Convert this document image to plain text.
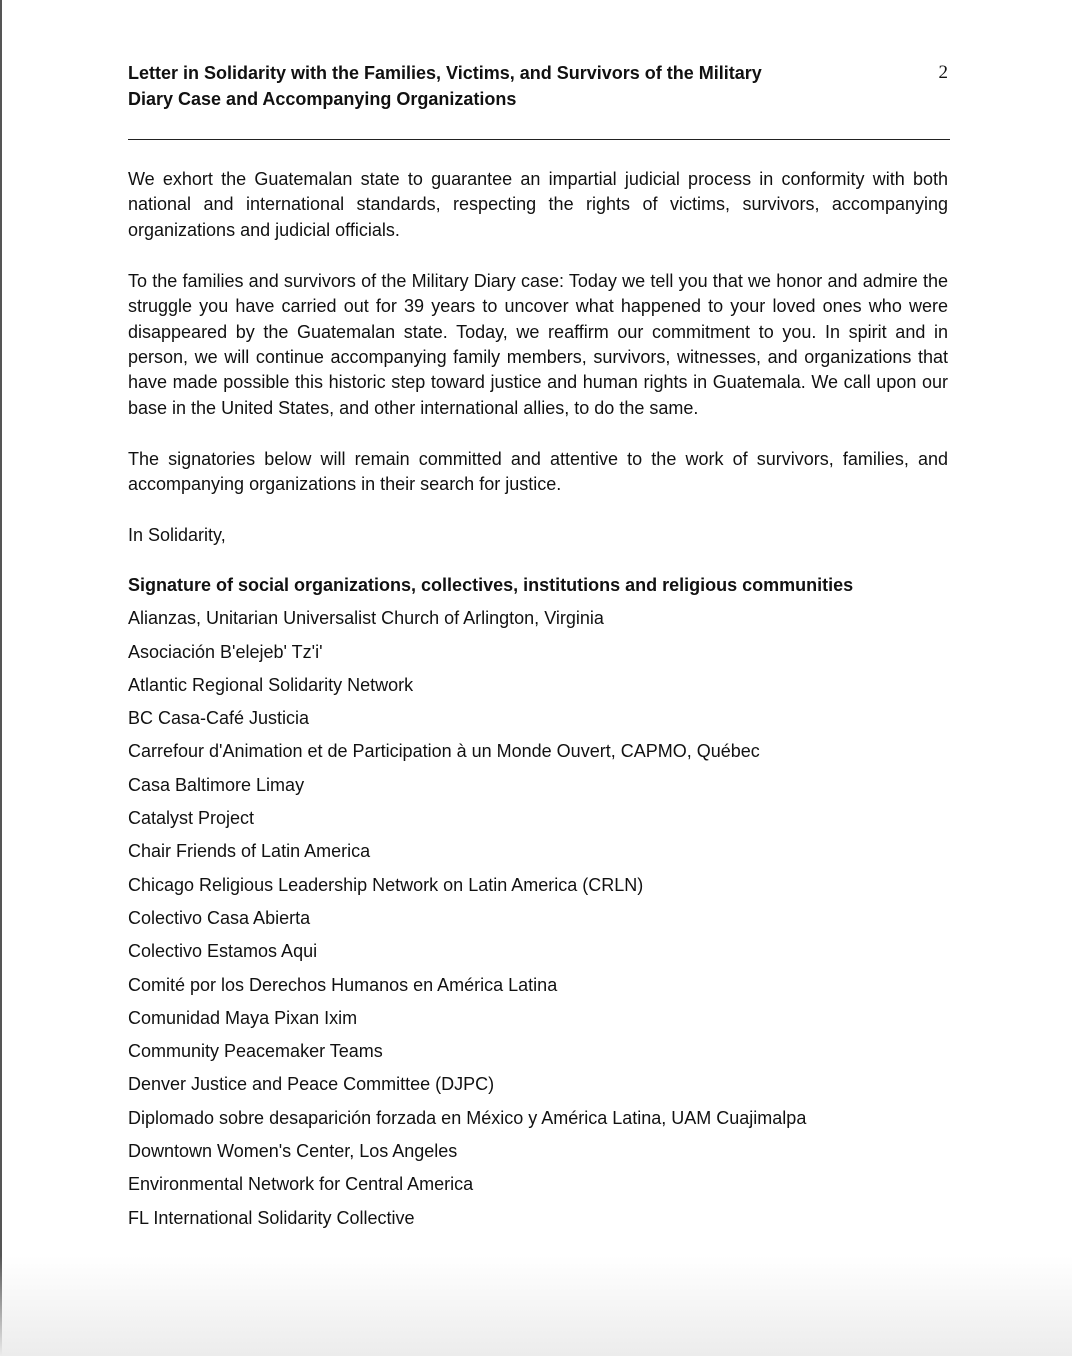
Letter in Solidarity with the Families, Victims, and Survivors of the Military Diary Case and Accompanying Organizations
2

We exhort the Guatemalan state to guarantee an impartial judicial process in conformity with both national and international standards, respecting the rights of victims, survivors, accompanying organizations and judicial officials.

To the families and survivors of the Military Diary case: Today we tell you that we honor and admire the struggle you have carried out for 39 years to uncover what happened to your loved ones who were disappeared by the Guatemalan state. Today, we reaffirm our commitment to you. In spirit and in person, we will continue accompanying family members, survivors, witnesses, and organizations that have made possible this historic step toward justice and human rights in Guatemala. We call upon our base in the United States, and other international allies, to do the same.

The signatories below will remain committed and attentive to the work of survivors, families, and accompanying organizations in their search for justice.

In Solidarity,

Signature of social organizations, collectives, institutions and religious communities

Alianzas, Unitarian Universalist Church of Arlington, Virginia
Asociación B'elejeb' Tz'i'
Atlantic Regional Solidarity Network
BC Casa-Café Justicia
Carrefour d'Animation et de Participation à un Monde Ouvert, CAPMO, Québec
Casa Baltimore Limay
Catalyst Project
Chair Friends of Latin America
Chicago Religious Leadership Network on Latin America (CRLN)
Colectivo Casa Abierta
Colectivo Estamos Aqui
Comité por los Derechos Humanos en América Latina
Comunidad Maya Pixan Ixim
Community Peacemaker Teams
Denver Justice and Peace Committee (DJPC)
Diplomado sobre desaparición forzada en México y América Latina, UAM Cuajimalpa
Downtown Women's Center, Los Angeles
Environmental Network for Central America
FL International Solidarity Collective
